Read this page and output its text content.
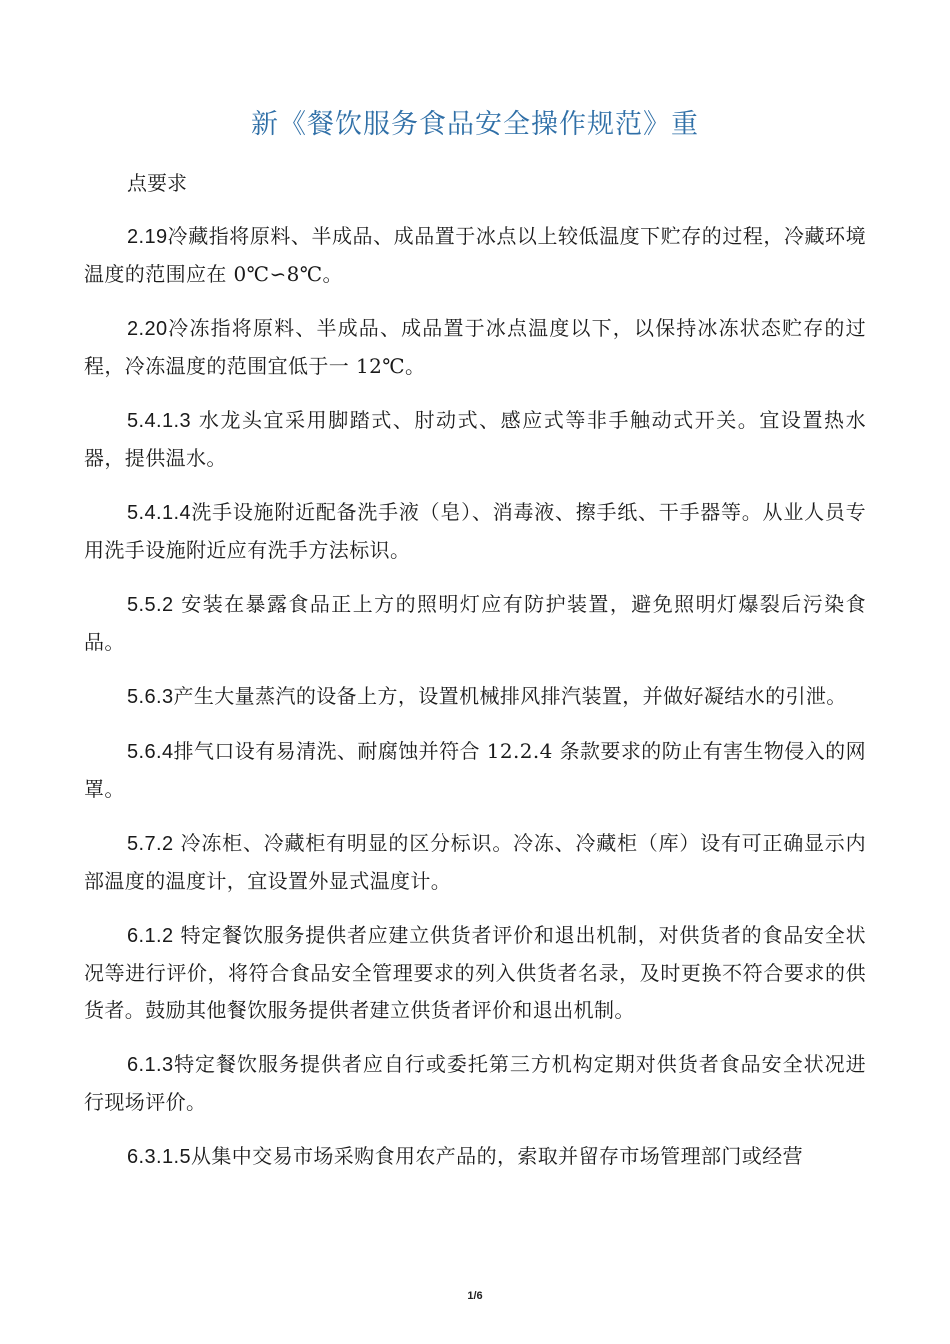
新《餐饮服务食品安全操作规范》重

点要求

2.19冷藏指将原料、半成品、成品置于冰点以上较低温度下贮存的过程，冷藏环境温度的范围应在 0℃∽8℃。

2.20冷冻指将原料、半成品、成品置于冰点温度以下，以保持冰冻状态贮存的过程，冷冻温度的范围宜低于一 12℃。

5.4.1.3 水龙头宜采用脚踏式、肘动式、感应式等非手触动式开关。宜设置热水器，提供温水。

5.4.1.4洗手设施附近配备洗手液（皂）、消毒液、擦手纸、干手器等。从业人员专用洗手设施附近应有洗手方法标识。

5.5.2 安装在暴露食品正上方的照明灯应有防护装置，避免照明灯爆裂后污染食品。

5.6.3产生大量蒸汽的设备上方，设置机械排风排汽装置，并做好凝结水的引泄。

5.6.4排气口设有易清洗、耐腐蚀并符合 12.2.4 条款要求的防止有害生物侵入的网罩。

5.7.2 冷冻柜、冷藏柜有明显的区分标识。冷冻、冷藏柜（库）设有可正确显示内部温度的温度计，宜设置外显式温度计。

6.1.2 特定餐饮服务提供者应建立供货者评价和退出机制，对供货者的食品安全状况等进行评价，将符合食品安全管理要求的列入供货者名录，及时更换不符合要求的供货者。鼓励其他餐饮服务提供者建立供货者评价和退出机制。

6.1.3特定餐饮服务提供者应自行或委托第三方机构定期对供货者食品安全状况进行现场评价。

6.3.1.5从集中交易市场采购食用农产品的，索取并留存市场管理部门或经营

1/6
